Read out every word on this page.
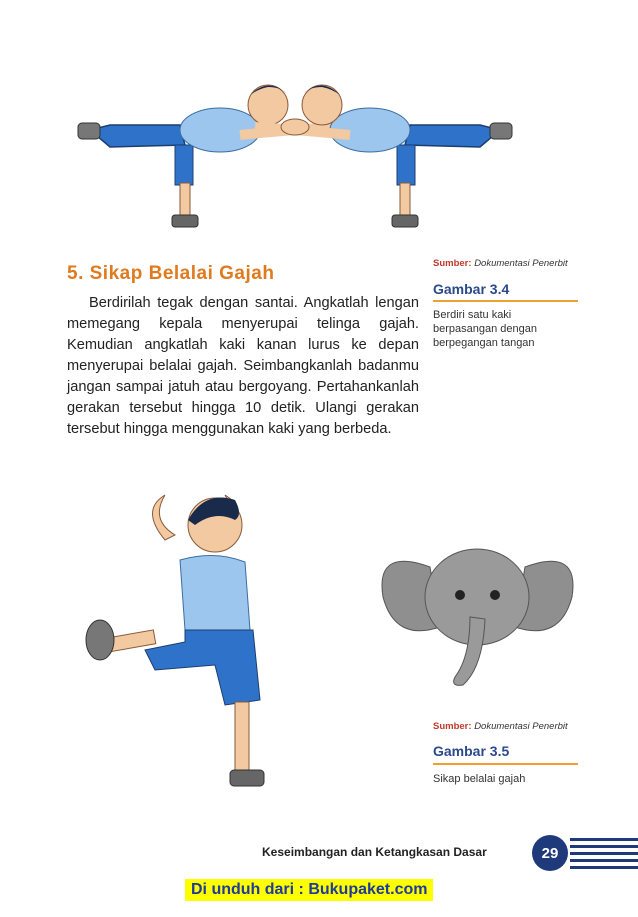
Sumber: Dokumentasi Penerbit
Gambar 3.4
Berdiri satu kaki
berpasangan dengan
berpegangan tangan
5. Sikap Belalai Gajah
Berdirilah tegak dengan santai. Angkatlah lengan memegang kepala menyerupai telinga gajah. Kemudian angkatlah kaki kanan lurus ke depan menyerupai belalai gajah. Seimbangkanlah badanmu jangan sampai jatuh atau bergoyang. Pertahankanlah gerakan tersebut hingga 10 detik. Ulangi gerakan tersebut hingga menggunakan kaki yang berbeda.
Sumber: Dokumentasi Penerbit
Gambar 3.5
Sikap belalai gajah
Keseimbangan dan Ketangkasan Dasar	29
Di unduh dari : Bukupaket.com
